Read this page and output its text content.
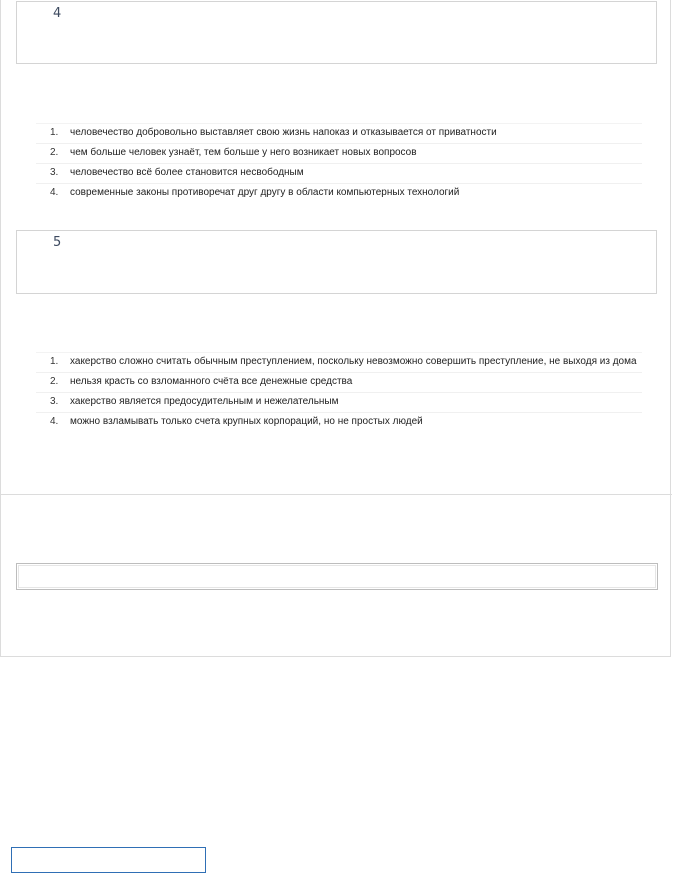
4
1.	человечество добровольно выставляет свою жизнь напоказ и отказывается от приватности
2.	чем больше человек узнаёт, тем больше у него возникает новых вопросов
3.	человечество всё более становится несвободным
4.	современные законы противоречат друг другу в области компьютерных технологий
5
1.	хакерство сложно считать обычным преступлением, поскольку невозможно совершить преступление, не выходя из дома
2.	нельзя красть со взломанного счёта все денежные средства
3.	хакерство является предосудительным и нежелательным
4.	можно взламывать только счета крупных корпораций, но не простых людей
